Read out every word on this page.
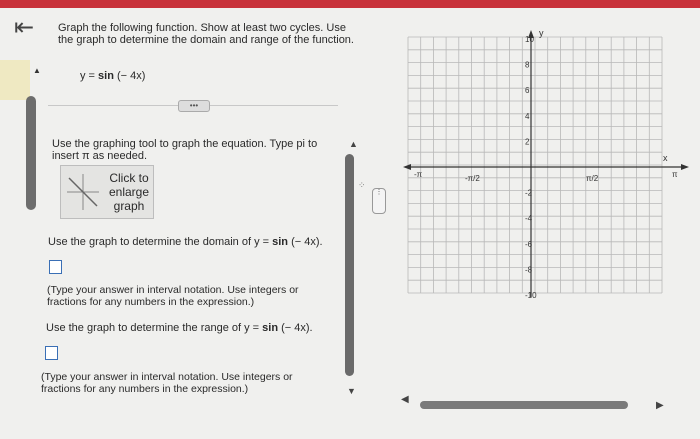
⇤
▲
Graph the following function. Show at least two cycles. Use the graph to determine the domain and range of the function.
y = sin (− 4x)
•••
Use the graphing tool to graph the equation. Type pi to insert π as needed.
Click to enlarge graph
Use the graph to determine the domain of y = sin (− 4x).
(Type your answer in interval notation. Use integers or fractions for any numbers in the expression.)
Use the graph to determine the range of y = sin (− 4x).
(Type your answer in interval notation. Use integers or fractions for any numbers in the expression.)
▲
▼
⁘
⋮
y
x
10
8
6
4
2
-2
-4
-6
-8
-10
-π	π
-π/2	π/2
◀
▶
